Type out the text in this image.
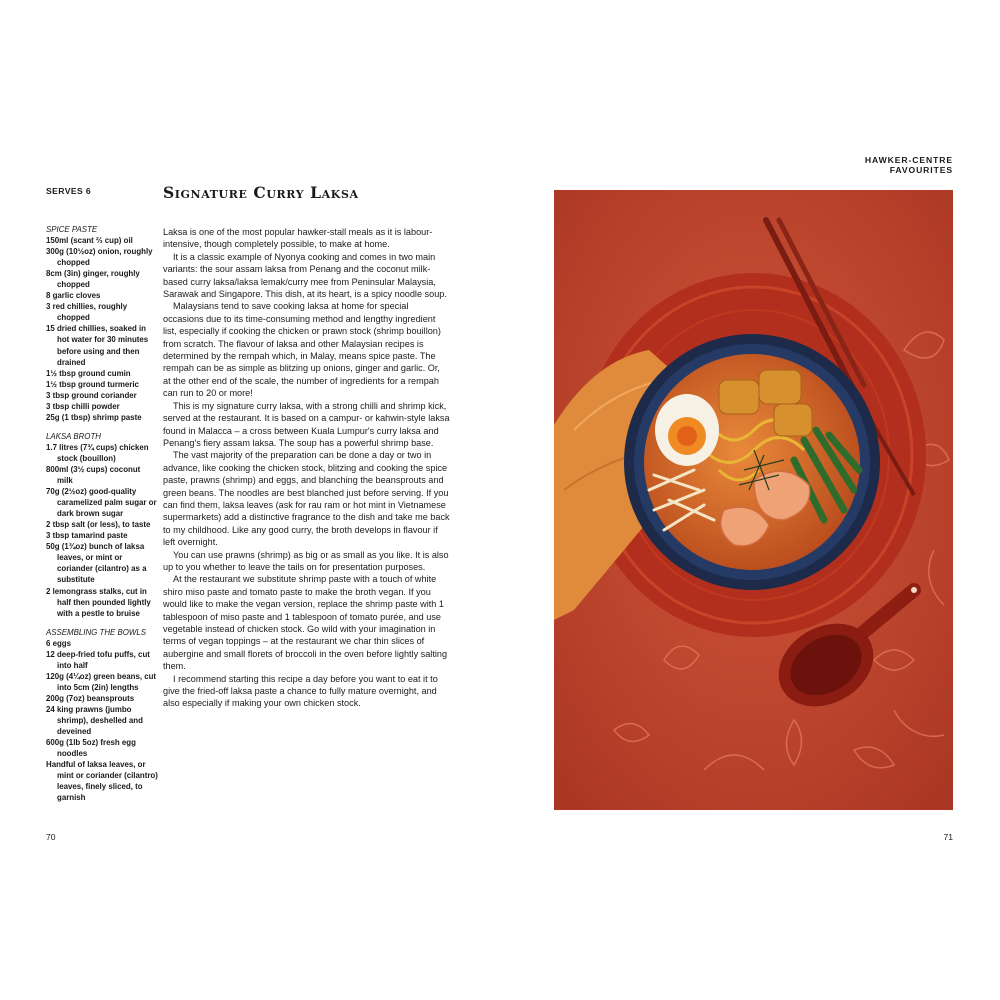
HAWKER-CENTRE FAVOURITES
SERVES 6
SPICE PASTE
150ml (scant ⅔ cup) oil
300g (10½oz) onion, roughly chopped
8cm (3in) ginger, roughly chopped
8 garlic cloves
3 red chillies, roughly chopped
15 dried chillies, soaked in hot water for 30 minutes before using and then drained
1½ tbsp ground cumin
1½ tbsp ground turmeric
3 tbsp ground coriander
3 tbsp chilli powder
25g (1 tbsp) shrimp paste
LAKSA BROTH
1.7 litres (7¾ cups) chicken stock (bouillon)
800ml (3½ cups) coconut milk
70g (2½oz) good-quality caramelized palm sugar or dark brown sugar
2 tbsp salt (or less), to taste
3 tbsp tamarind paste
50g (1¾oz) bunch of laksa leaves, or mint or coriander (cilantro) as a substitute
2 lemongrass stalks, cut in half then pounded lightly with a pestle to bruise
ASSEMBLING THE BOWLS
6 eggs
12 deep-fried tofu puffs, cut into half
120g (4¼oz) green beans, cut into 5cm (2in) lengths
200g (7oz) beansprouts
24 king prawns (jumbo shrimp), deshelled and deveined
600g (1lb 5oz) fresh egg noodles
Handful of laksa leaves, or mint or coriander (cilantro) leaves, finely sliced, to garnish
Signature Curry Laksa

Laksa is one of the most popular hawker-stall meals as it is labour-intensive, though completely possible, to make at home.

It is a classic example of Nyonya cooking and comes in two main variants: the sour assam laksa from Penang and the coconut milk-based curry laksa/laksa lemak/curry mee from Peninsular Malaysia, Sarawak and Singapore. This dish, at its heart, is a spicy noodle soup.

Malaysians tend to save cooking laksa at home for special occasions due to its time-consuming method and lengthy ingredient list, especially if cooking the chicken or prawn stock (shrimp bouillon) from scratch. The flavour of laksa and other Malaysian recipes is determined by the rempah which, in Malay, means spice paste. The rempah can be as simple as blitzing up onions, ginger and garlic. Or, at the other end of the scale, the number of ingredients for a rempah can run to 20 or more!

This is my signature curry laksa, with a strong chilli and shrimp kick, served at the restaurant. It is based on a campur- or kahwin-style laksa found in Malacca – a cross between Kuala Lumpur's curry laksa and Penang's fiery assam laksa. The soup has a powerful shrimp base.

The vast majority of the preparation can be done a day or two in advance, like cooking the chicken stock, blitzing and cooking the spice paste, prawns (shrimp) and eggs, and blanching the beansprouts and green beans. The noodles are best blanched just before serving. If you can find them, laksa leaves (ask for rau ram or hot mint in Vietnamese supermarkets) add a distinctive fragrance to the dish and take me back to my childhood. Like any good curry, the broth develops in flavour if left overnight.

You can use prawns (shrimp) as big or as small as you like. It is also up to you whether to leave the tails on for presentation purposes.

At the restaurant we substitute shrimp paste with a touch of white shiro miso paste and tomato paste to make the broth vegan. If you would like to make the vegan version, replace the shrimp paste with 1 tablespoon of miso paste and 1 tablespoon of tomato purée, and use vegetable instead of chicken stock. Go wild with your imagination in terms of vegan toppings – at the restaurant we char thin slices of aubergine and small florets of broccoli in the oven before lightly salting them.

I recommend starting this recipe a day before you want to eat it to give the fried-off laksa paste a chance to fully mature overnight, and also especially if making your own chicken stock.

70	71
